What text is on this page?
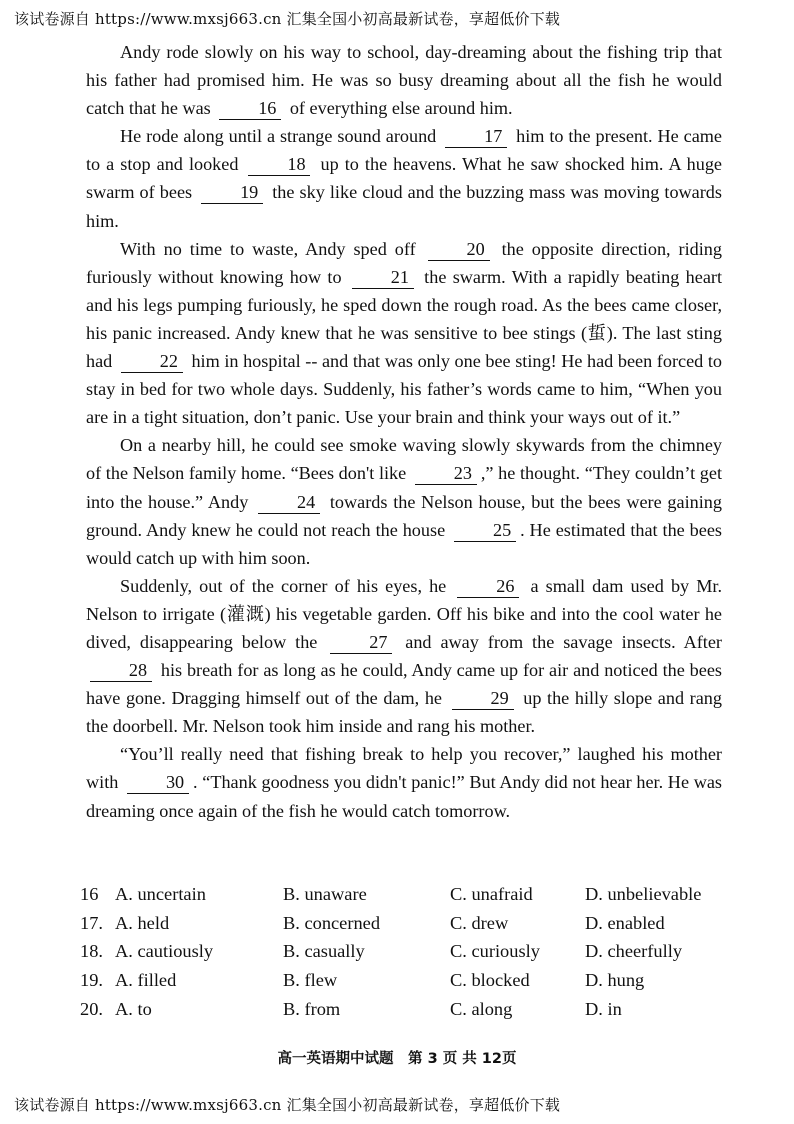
该试卷源自 https://www.mxsj663.cn 汇集全国小初高最新试卷，享超低价下载

Andy rode slowly on his way to school, day-dreaming about the fishing trip that his father had promised him. He was so busy dreaming about all the fish he would catch that he was 16 of everything else around him.

He rode along until a strange sound around 17 him to the present. He came to a stop and looked 18 up to the heavens. What he saw shocked him. A huge swarm of bees 19 the sky like cloud and the buzzing mass was moving towards him.

With no time to waste, Andy sped off 20 the opposite direction, riding furiously without knowing how to 21 the swarm. With a rapidly beating heart and his legs pumping furiously, he sped down the rough road. As the bees came closer, his panic increased. Andy knew that he was sensitive to bee stings (蜇). The last sting had 22 him in hospital -- and that was only one bee sting! He had been forced to stay in bed for two whole days. Suddenly, his father’s words came to him, “When you are in a tight situation, don’t panic. Use your brain and think your ways out of it.”

On a nearby hill, he could see smoke waving slowly skywards from the chimney of the Nelson family home. “Bees don't like 23 ,” he thought. “They couldn’t get into the house.” Andy 24 towards the Nelson house, but the bees were gaining ground. Andy knew he could not reach the house 25 . He estimated that the bees would catch up with him soon.

Suddenly, out of the corner of his eyes, he 26 a small dam used by Mr. Nelson to irrigate (灌溉) his vegetable garden. Off his bike and into the cool water he dived, disappearing below the 27 and away from the savage insects. After 28 his breath for as long as he could, Andy came up for air and noticed the bees have gone. Dragging himself out of the dam, he 29 up the hilly slope and rang the doorbell. Mr. Nelson took him inside and rang his mother.

“You’ll really need that fishing break to help you recover,” laughed his mother with 30 . “Thank goodness you didn't panic!” But Andy did not hear her. He was dreaming once again of the fish he would catch tomorrow.

16 A. uncertain	B. unaware	C. unafraid	D. unbelievable
17. A. held	B. concerned	C. drew	D. enabled
18. A. cautiously	B. casually	C. curiously D. cheerfully
19. A. filled	B. flew	C. blocked	D. hung
20. A. to	B. from	C. along	D. in
高一英语期中试题　第 3 页 共 12页
该试卷源自 https://www.mxsj663.cn 汇集全国小初高最新试卷，享超低价下载
